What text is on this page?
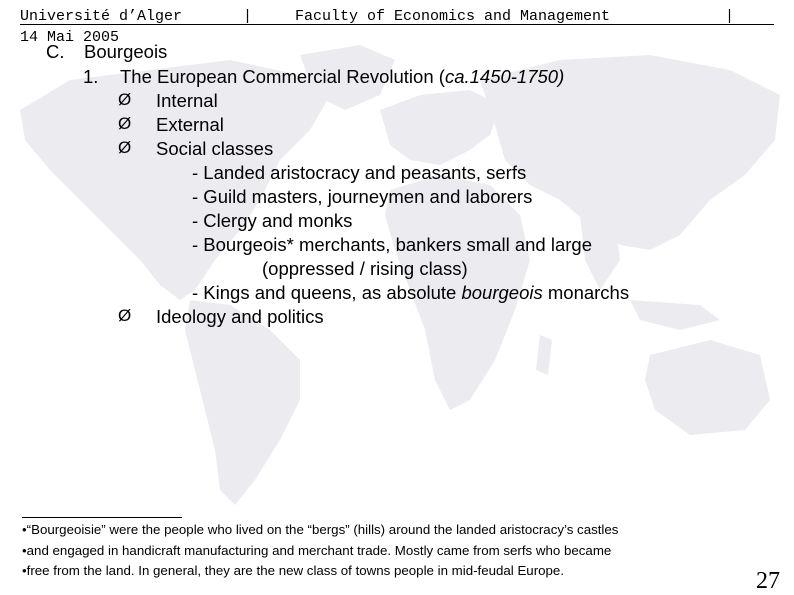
Université d’Alger	|	Faculty of Economics and Management	|
14 Mai 2005
C. Bourgeois
1. The European Commercial Revolution (ca.1450-1750)
Ø Internal
Ø External
Ø Social classes
- Landed aristocracy and peasants, serfs
- Guild masters, journeymen and laborers
- Clergy and monks
- Bourgeois* merchants, bankers small and large
(oppressed / rising class)
- Kings and queens, as absolute bourgeois monarchs
Ø Ideology and politics
•“Bourgeoisie” were the people who lived on the “bergs” (hills) around the landed aristocracy’s castles
•and engaged in handicraft manufacturing and merchant trade. Mostly came from serfs who became
•free from the land. In general, they are the new class of towns people in mid-feudal Europe.	27
